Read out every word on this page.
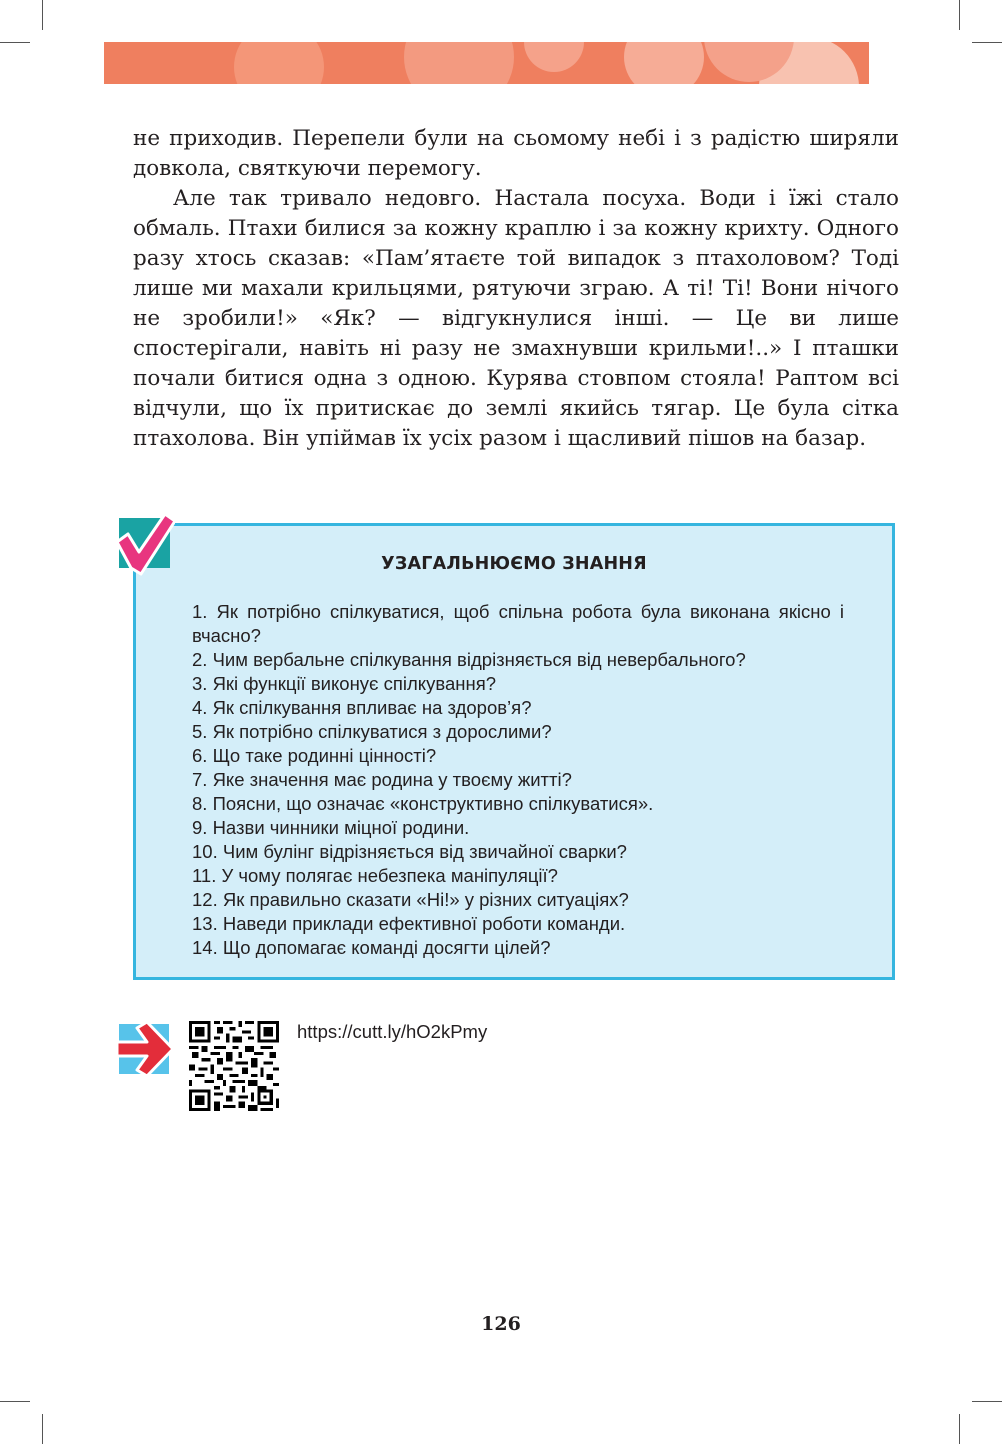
не приходив. Перепели були на сьомому небі і з радістю ширяли довкола, святкуючи перемогу.

Але так тривало недовго. Настала посуха. Води і їжі стало обмаль. Птахи билися за кожну краплю і за кожну крихту. Одного разу хтось сказав: «Пам’ятаєте той випадок з птахоловом? Тоді лише ми махали крильцями, рятуючи зграю. А ті! Ті! Вони нічого не зробили!» «Як? — відгукнулися інші. — Це ви лише спостерігали, навіть ні разу не змахнувши крильми!..» І пташки почали битися одна з одною. Курява стовпом стояла! Раптом всі відчули, що їх притискає до землі якийсь тягар. Це була сітка птахолова. Він упіймав їх усіх разом і щасливий пішов на базар.

УЗАГАЛЬНЮЄМО ЗНАННЯ
1. Як потрібно спілкуватися, щоб спільна робота була виконана якісно і вчасно?
2. Чим вербальне спілкування відрізняється від невербального?
3. Які функції виконує спілкування?
4. Як спілкування впливає на здоров’я?
5. Як потрібно спілкуватися з дорослими?
6. Що таке родинні цінності?
7. Яке значення має родина у твоєму житті?
8. Поясни, що означає «конструктивно спілкуватися».
9. Назви чинники міцної родини.
10. Чим булінг відрізняється від звичайної сварки?
11. У чому полягає небезпека маніпуляції?
12. Як правильно сказати «Ні!» у різних ситуаціях?
13. Наведи приклади ефективної роботи команди.
14. Що допомагає команді досягти цілей?
https://cutt.ly/hO2kPmy
126
